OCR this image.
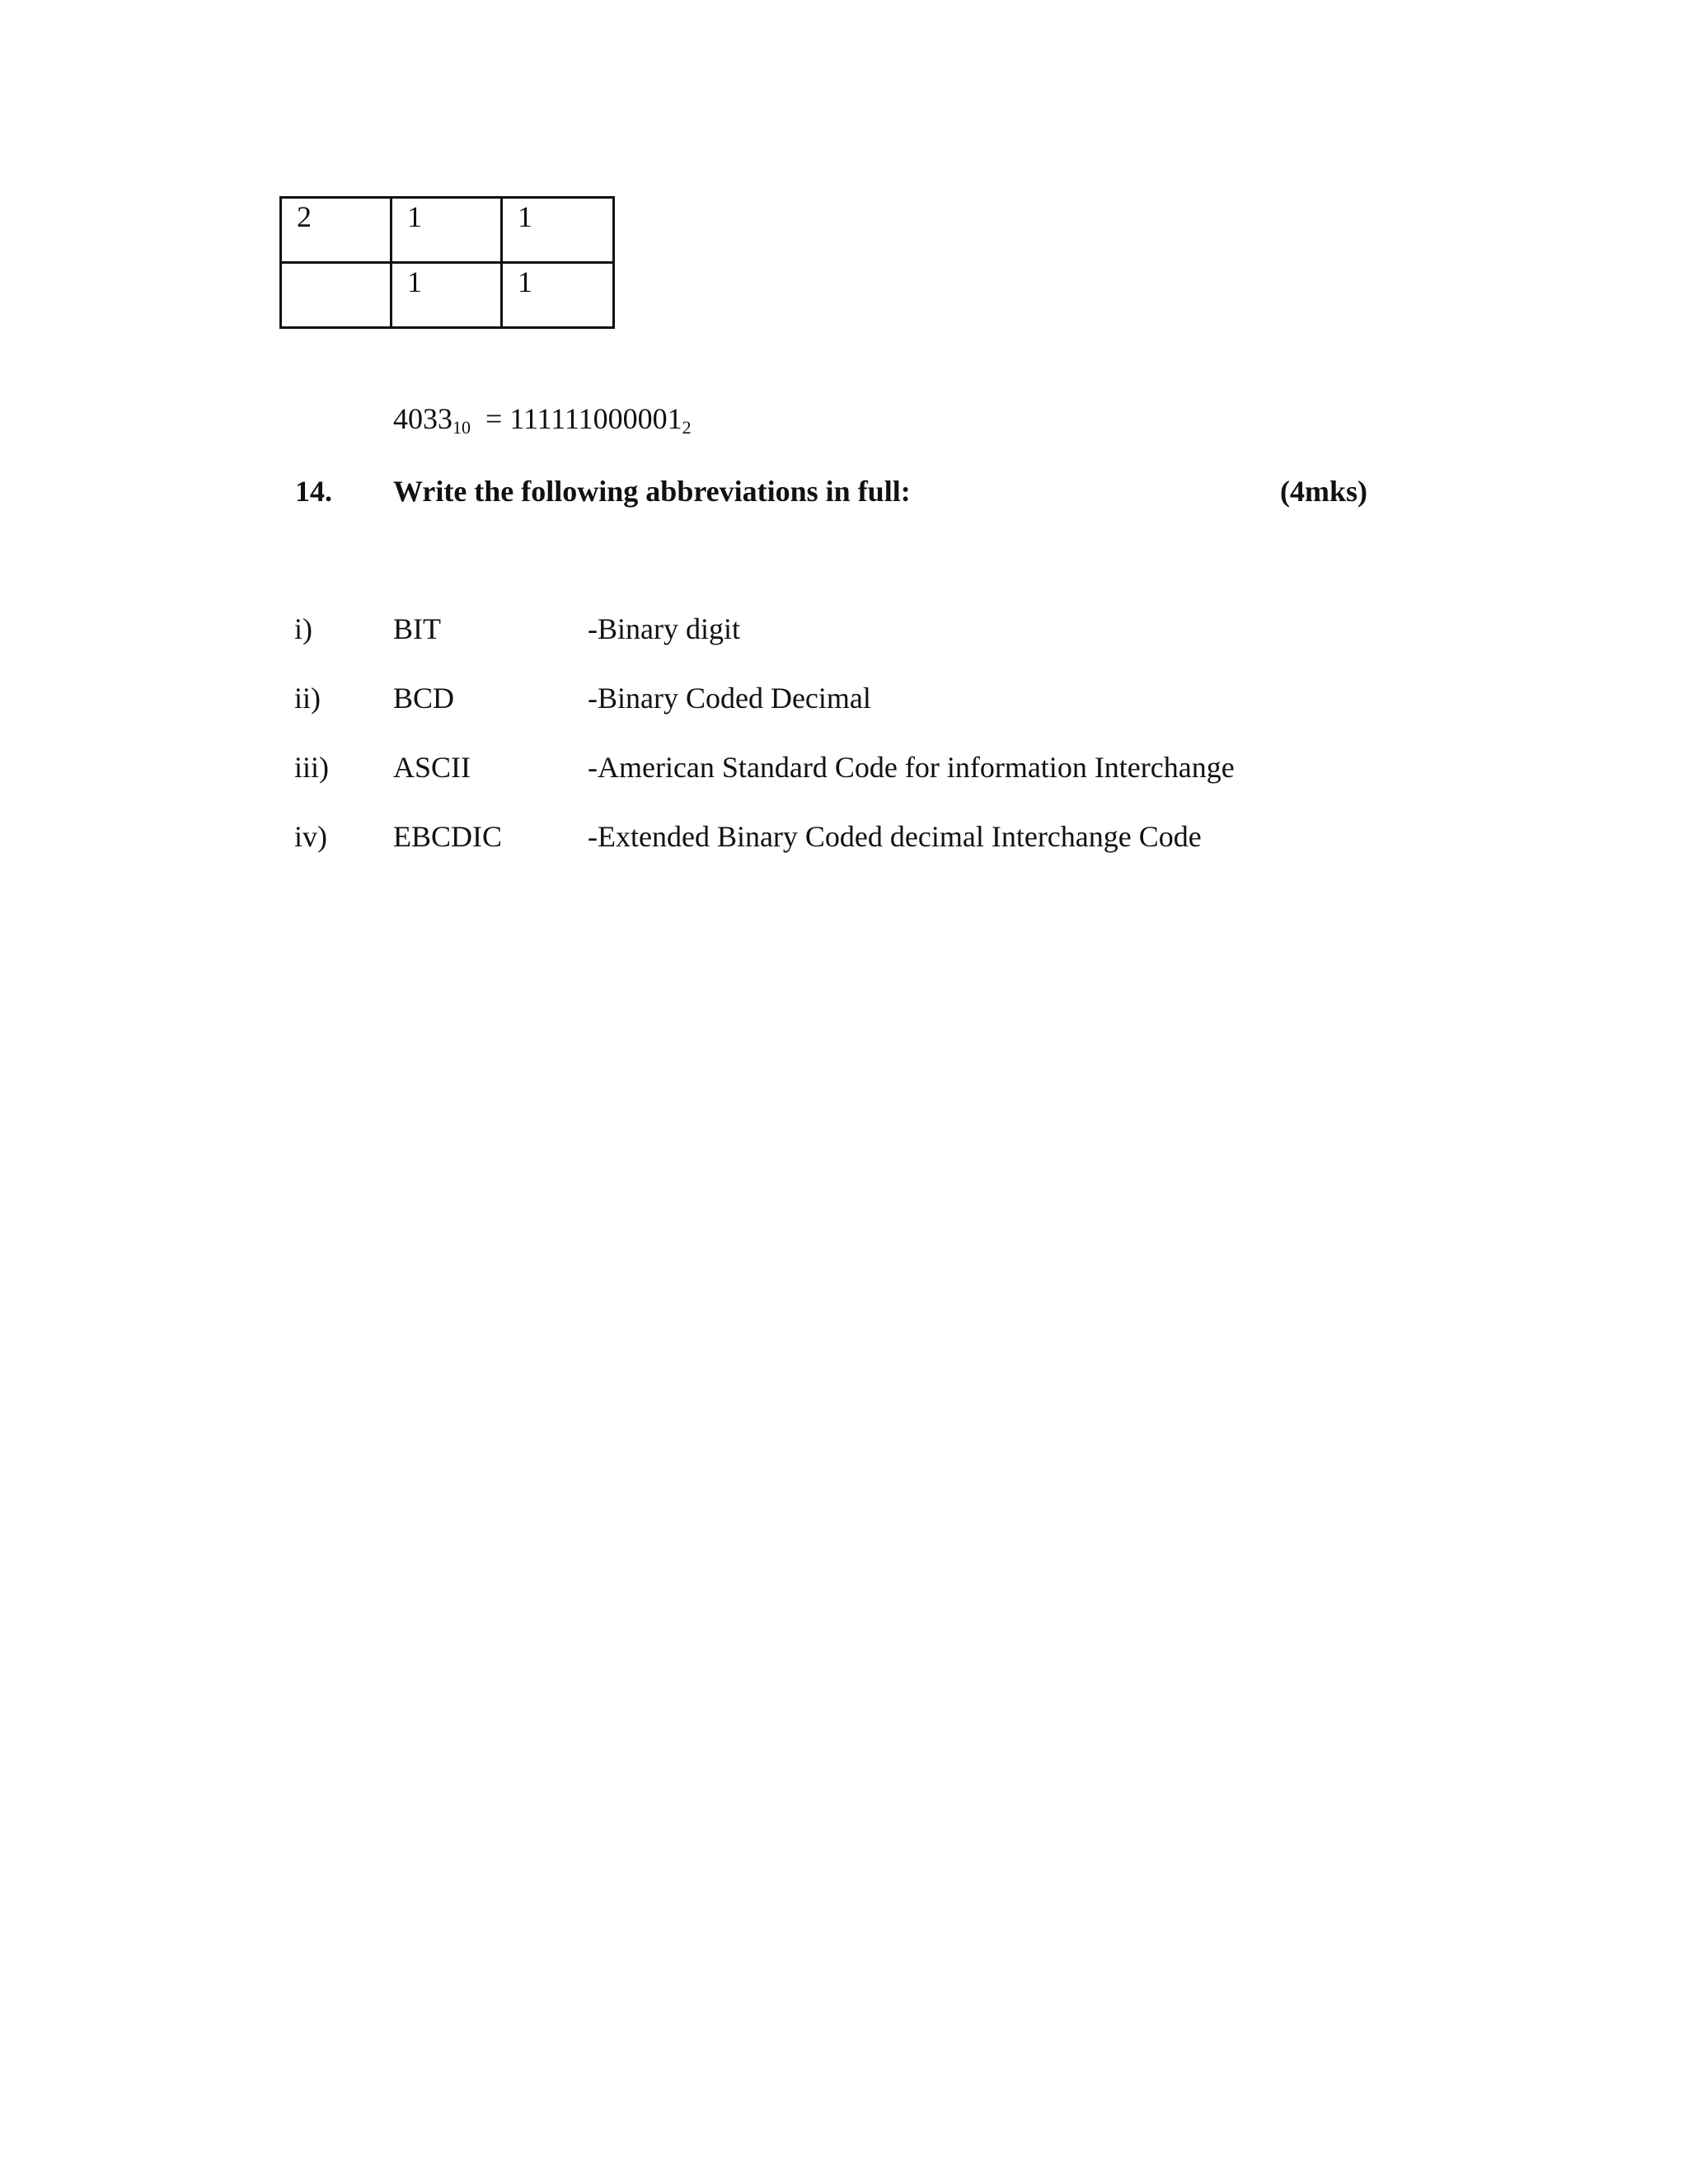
2	1	1
	1	1
$4033_{10} = 111111000001_2$
14. Write the following abbreviations in full:	(4mks)
i)	BIT	-Binary digit
ii) BCD	-Binary Coded Decimal
iii) ASCII	-American Standard Code for information Interchange
iv) EBCDIC	-Extended Binary Coded decimal Interchange Code
